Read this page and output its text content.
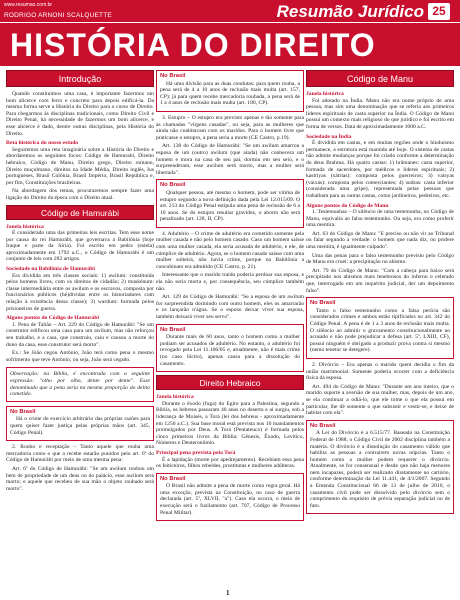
www.resumao.com.br
RODRIGO ARNONI SCALQUETTE	Resumão Jurídico 25
HISTÓRIA DO DIREITO
Introdução

Quando constituímos uma casa, é importante fazermos um bom alicerce com ferro e concreto para depois edificá-la. Da mesma forma serve a História do Direito para o curso de Direito. Para chegarmos às disciplinas tradicionais, como Direito Civil e Direito Penal, há necessidade de fazermos um bom alicerce, e esse alicerce é dado, dentre outras disciplinas, pela História do Direito.

Reta histórica do nosso estudo

Seguiremos uma reta imaginária sobre a História do Direito e abordaremos os seguintes focos: Código de Hamurabi, Direito hebraico, Código de Manu, Direito grego, Direito romano, Direito muçulmano, direitos na Idade Média, Direito inglês, Ius portugueses, Brasil Colônia, Brasil Império, Brasil República e, por fim, Constituições brasileiras.

Na abordagem dos temas, procuraremos sempre fazer uma ligação do Direito da época com o Direito atual.

Código de Hamurábi
Janela histórica

É considerado uma das primeiras leis escritas. Tem esse nome por causa do rei Hamurábi, que governava a Babilônia (hoje Iraque e parte da Síria). Foi escrito em pedra (estela) aproximadamente em 1792 a.C., o Código de Hamurábi é um conjunto de leis com 282 artigos.

Sociedade na Babilônia de Hamurábi

Era dividida em três classes sociais: 1) awilum: constituída pelos homens livres, com os direitos de cidadão; 2) muskênum: classe intermediária entre os awilum e os escravos, composta por funcionários públicos (hé)dividas entre os historiadores com relação à existência dessa classe); 3) wardum: formada pelos prisioneiros de guerra.

Alguns pontos do Código de Hamurábi

1. Pena de Talião – Art. 229 do Código de Hamurábi: "Se um construtor edificou uma casa para um awilum, mas não reforçou seu trabalho, e a casa, que construiu, caiu e causou a morte do dono da casa, esse construtor será morto".

Ex.: Se João cegou Antônio, João terá como pena o mesmo sofrimento que teve Antônio; ou seja, João será cegado.

Observação: na Bíblia, é encontrada com a seguinte expressão: "olho por olho, dente por dente". Esse denominado que a pena seria na mesma proporção do delito cometido.
No Brasil

Há o crime de exercício arbitrário das próprias razões para quem quiser fazer justiça pelas próprias mãos (art. 345, Código Penal).

2. Roubo e receptação – Tanto aquele que rouba uma mercadoria como o que a recebe estarão punidos pelo art. 6º do Código de Hamurábi por meio de uma mesma pena:

Art. 6º do Código de Hamurábi: "Se um awilum roubou um bem de propriedade de um deus ou do palácio, esse awilum será morto; e aquele que recebeu de sua mão o objeto roubado será morto".

No Brasil

Há uma divisão para as duas condutas: para quem rouba, a pena será de 4 a 10 anos de reclusão mais multa (art. 157, CP); já para quem recebe mercadoria roubada, a pena será de 1 a 4 anos de reclusão mais multa (art. 180, CP).

3. Estupro – O estupro era previsto apenas e tão somente para as chamadas "virgens casadas", ou seja, para as mulheres que ainda não coabitavam com os maridos. Para o homem livre que praticasse o estupro, a pena seria a morte (CE Castro, p.19).

Art. 130 do Código de Hamurábi: "Se um awilum amarrou a esposa de um (outro) awilum (que ainda) não conhecera um homem e mora na casa de seu pai, dormiu em seu seio, e o surpreenderam, esse awilum será morto, mas a mulher será libertada".

No Brasil

Qualquer pessoa, até mesmo o homem, pode ser vítima de estupro segundo a nova definição dada pela Lei 12.015/09. O art. 213 do Código Penal estipula uma pena de reclusão de 6 a 10 anos. Se do estupro resultar gravidez, o aborto não será penalizado (art. 128, II, CP).

4. Adultério – O crime de adultério era cometido somente pela mulher casada e não pelo homem casado. Caso um homem saísse com uma mulher casada, ela seria acusada de adultério, e ele, de cúmplice de adultério. Agora, se o homem casado saísse com uma mulher solteira, não havia crime, porque na Babilônia a concubinato era admitido (CE Castro, p. 21).

Interessante que o marido traído poderia perdoar sua esposa, e ela não seria morta e, por consequência, seu cúmplice também não.

Art. 129 do Código de Hamurábi: "Se a esposa de um awilum for surpreendida dormindo com outro homem, eles os amarrarão e os lançarão n'água. Se o esposo deixar viver sua esposa, também deixará viver seu servo".

No Brasil

Durante mais de 60 anos, tanto o homem como a mulher podiam ser acusados de adultério. No entanto, o adultério foi revogado pela Lei 11.106/05 e, atualmente, não é mais crime (no caso ilícito), apenas causa para a dissolução do casamento.

Direito Hebraico
Janela histórica

Durante o êxodo (fuga) do Egito para a Palestina, segundo a Bíblia, os hebreus passaram 40 anos no deserto e ai surgiu, sob a liderança de Moisés, a Torá (lei dos hebreus - aproximadamente em 1250 a.C.). Sua base moral está prevista nos 10 mandamentos promulgados por Deus. A Torá (Pentateuco) é formada pelos cinco primeiros livros da Bíblia: Gênesis, Êxodo, Levítico, Números e Deuteronômio.

Principal pena prevista pela Torá

É a lapidação (morte por apedrejamento). Recebiam essa pena os feiticeiros, filhos rebeldes, prostitutas e mulheres adúlteras.

No Brasil

O Brasil não admite a pena de morte como regra geral. Há uma exceção, prevista na Constituição, no caso de guerra declarada (art. 5º, XLVII, "a"). Caso ela ocorra, o meio de execução será o fuzilamento (art. 707, Código de Processo Penal Militar).

Código de Manu
Janela histórica

Foi adotado na Índia. Manu não era nome próprio de uma pessoa, mas sim uma denominação que se referia aos primeiros líderes espirituais de casta superior na Índia. O Código de Manu possuí um contexto mais religioso do que jurídico e foi escrito em forma de versos. Data de aproximadamente 1000 a.C.

Sociedade na Índia

É dividida em castas, e em muitas regiões onde o hinduísmo permanece, a estrutura está mantida até hoje. O sistema de castas não admite mudanças porque foi criado conforme a determinação do deus Brahma. Há quatro castas: 1) brâmanes: casta superior, formada de sacerdotes, por médicos e líderes espirituais; 2) kastriyas (xátrias): composta pelos guerreiros; 3) vaisyas (vaixás): composta pelos comerciantes; 4) sudras: casta inferior (considerada uma gripe), representada pelas pessoas que trabalham para as outras castas, como jardineiros, pedreiros, etc.

Alguns pontos do Código de Manu

1. Testemunhas – O silêncio de uma testemunha, no Código de Manu, equivalia ao falso testemunho. Ou seja, era como proferir uma mentira.

Art. 63 do Código de Manu: "E preciso ou não vir ao Tribunal ou falar segundo a verdade: o homem que nada diz, ou profere uma mentira, é igualmente culpado".

Uma das penas para o falso testemunho previsto pelo Código de Manu era cruel: a precipitação no abismo.

Art. 79 do Código de Manu: "Com a cabeça para baixo será precipitado nos abismos mais tenebrosos do inferno o celerado que, interrogado em um inquérito judicial, der um depoimento falso".

No Brasil

Tanto o falso testemunho como a falsa perícia são considerados crimes e ambos estão tipificados no art. 342 do Código Penal. A pena é de 1 a 3 anos de reclusão mais multa. O silêncio ao admitir o gravamento constitucionalmente ao acusado e não pode prejudicar a defesa (art. 5º, LXIII, CF), possui ninguém é obrigado a produzir prova contra si mesmo (nemo tenetur se detegere).

2. Divórcio – Era apenas o marido quem decidia o fim da união matrimonial. Somente poderia ocorrer com a deficiência física da esposa.

Art. 494 do Código de Manu: "Durante um ano inteiro, que o marido suporte a aversão de sua mulher, mas, depois de um ano, se ela continuar a odiá-lo, que ele tome o que ela possui em particular, lhe dê somente o que subsistir e vestir-se, e deixe de habitar com ela".

No Brasil

A Lei do Divórcio é a 6.515/77. Baseado na Constituição Federal de 1988, o Código Civil de 2002 disciplina também a matéria. O divórcio é a dissolução do casamento válido que habilita as pessoas a contraírem novas núpcias. Tanto o homem como a mulher podem requerer o divórcio. Atualmente, se for consensual e desde que não haja menores nem incapazes, poderá ser realizado diretamente no cartório, conforme determinação da Lei 11.441, de 4/1/2007. Segundo a Emenda Constitucional 66 de 13 de julho de 2010, o casamento civil pode ser dissolvido pelo divórcio sem o cumprimento do requisito de prévia separação judicial ou de fato.

1
